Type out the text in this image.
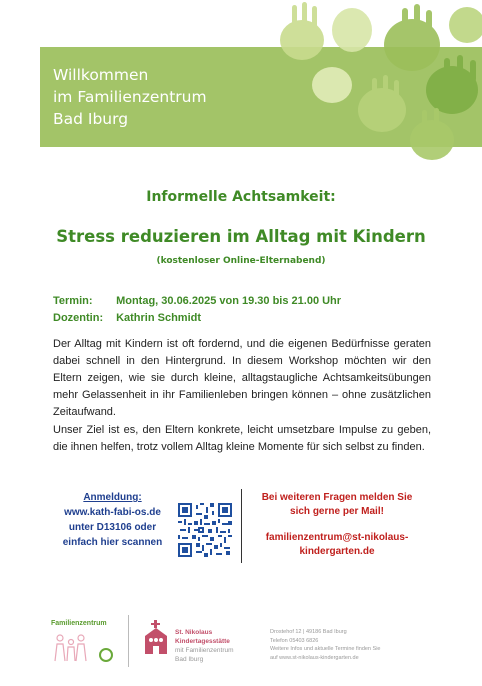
Willkommen
im Familienzentrum
Bad Iburg
Informelle Achtsamkeit:
Stress reduzieren im Alltag mit Kindern
(kostenloser Online-Elternabend)
Termin: Montag, 30.06.2025 von 19.30 bis 21.00 Uhr
Dozentin: Kathrin Schmidt
Der Alltag mit Kindern ist oft fordernd, und die eigenen Bedürfnisse geraten dabei schnell in den Hintergrund. In diesem Workshop möchten wir den Eltern zeigen, wie sie durch kleine, alltagstaugliche Achtsamkeitsübungen mehr Gelassenheit in ihr Familienleben bringen können – ohne zusätzlichen Zeitaufwand.
Unser Ziel ist es, den Eltern konkrete, leicht umsetzbare Impulse zu geben, die ihnen helfen, trotz vollem Alltag kleine Momente für sich selbst zu finden.
Anmeldung:
www.kath-fabi-os.de
unter D13106 oder
einfach hier scannen
Bei weiteren Fragen melden Sie
sich gerne per Mail!
familienzentrum@st-nikolaus-
kindergarten.de
Familienzentrum
St. Nikolaus
Kindertagesstätte
mit Familienzentrum
Bad Iburg
Drostehof 12 | 49186 Bad Iburg
Telefon 05403 6826
Weitere Infos und aktuelle Termine finden Sie
auf www.st-nikolaus-kindergarten.de
